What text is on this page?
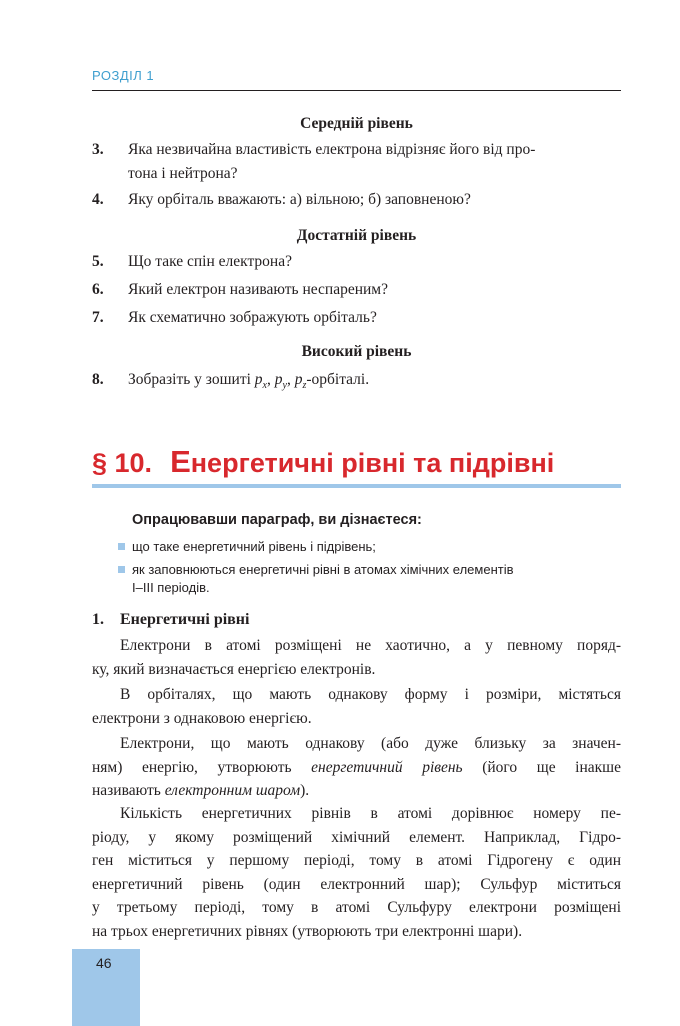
РОЗДІЛ 1
Середній рівень
3. Яка незвичайна властивість електрона відрізняє його від про-
тона і нейтрона?
4. Яку орбіталь вважають: а) вільною; б) заповненою?
Достатній рівень
5. Що таке спін електрона?
6. Який електрон називають неспареним?
7. Як схематично зображують орбіталь?
Високий рівень
8. Зобразіть у зошиті $p_x$, $p_y$, $p_z$-орбіталі.
§ 10. Енергетичні рівні та підрівні
Опрацювавши параграф, ви дізнаєтеся:
що таке енергетичний рівень і підрівень;
як заповнюються енергетичні рівні в атомах хімічних елементів
I–III періодів.
1. Енергетичні рівні
Електрони в атомі розміщені не хаотично, а у певному поряд-
ку, який визначається енергією електронів.
В орбіталях, що мають однакову форму і розміри, містяться
електрони з однаковою енергією.
Електрони, що мають однакову (або дуже близьку за значен-
ням) енергію, утворюють енергетичний рівень (його ще інакше
називають електронним шаром).
Кількість енергетичних рівнів в атомі дорівнює номеру пе-
ріоду, у якому розміщений хімічний елемент. Наприклад, Гідро-
ген міститься у першому періоді, тому в атомі Гідрогену є один
енергетичний рівень (один електронний шар); Сульфур міститься
у третьому періоді, тому в атомі Сульфуру електрони розміщені
на трьох енергетичних рівнях (утворюють три електронні шари).
46
